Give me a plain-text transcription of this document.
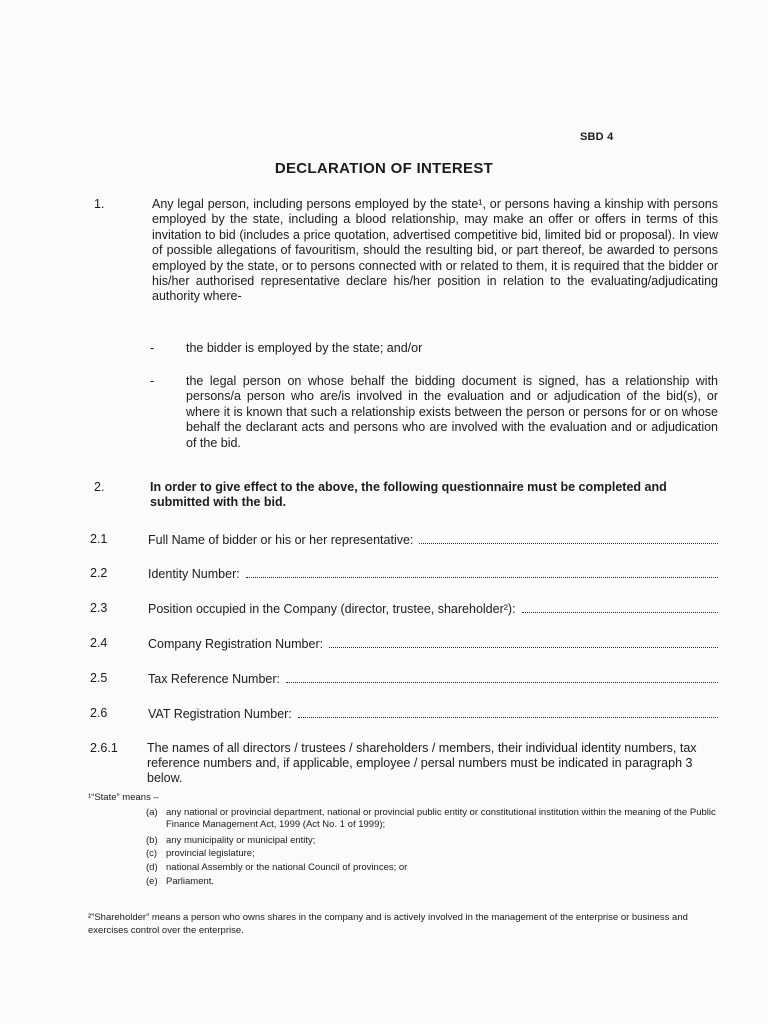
SBD 4
DECLARATION OF INTEREST
1.	Any legal person, including persons employed by the state¹, or persons having a kinship with persons employed by the state, including a blood relationship, may make an offer or offers in terms of this invitation to bid (includes a price quotation, advertised competitive bid, limited bid or proposal). In view of possible allegations of favouritism, should the resulting bid, or part thereof, be awarded to persons employed by the state, or to persons connected with or related to them, it is required that the bidder or his/her authorised representative declare his/her position in relation to the evaluating/adjudicating authority where-
-	the bidder is employed by the state; and/or
-	the legal person on whose behalf the bidding document is signed, has a relationship with persons/a person who are/is involved in the evaluation and or adjudication of the bid(s), or where it is known that such a relationship exists between the person or persons for or on whose behalf the declarant acts and persons who are involved with the evaluation and or adjudication of the bid.
2.	In order to give effect to the above, the following questionnaire must be completed and submitted with the bid.
2.1	Full Name of bidder or his or her representative:
2.2	Identity Number:
2.3	Position occupied in the Company (director, trustee, shareholder²):
2.4	Company Registration Number:
2.5	Tax Reference Number:
2.6	VAT Registration Number:
2.6.1 The names of all directors / trustees / shareholders / members, their individual identity numbers, tax reference numbers and, if applicable, employee / persal numbers must be indicated in paragraph 3 below.
¹“State” means –
(a) any national or provincial department, national or provincial public entity or constitutional institution within the meaning of the Public Finance Management Act, 1999 (Act No. 1 of 1999);
(b) any municipality or municipal entity;
(c) provincial legislature;
(d) national Assembly or the national Council of provinces; or
(e) Parliament.
²”Shareholder” means a person who owns shares in the company and is actively involved in the management of the enterprise or business and exercises control over the enterprise.
